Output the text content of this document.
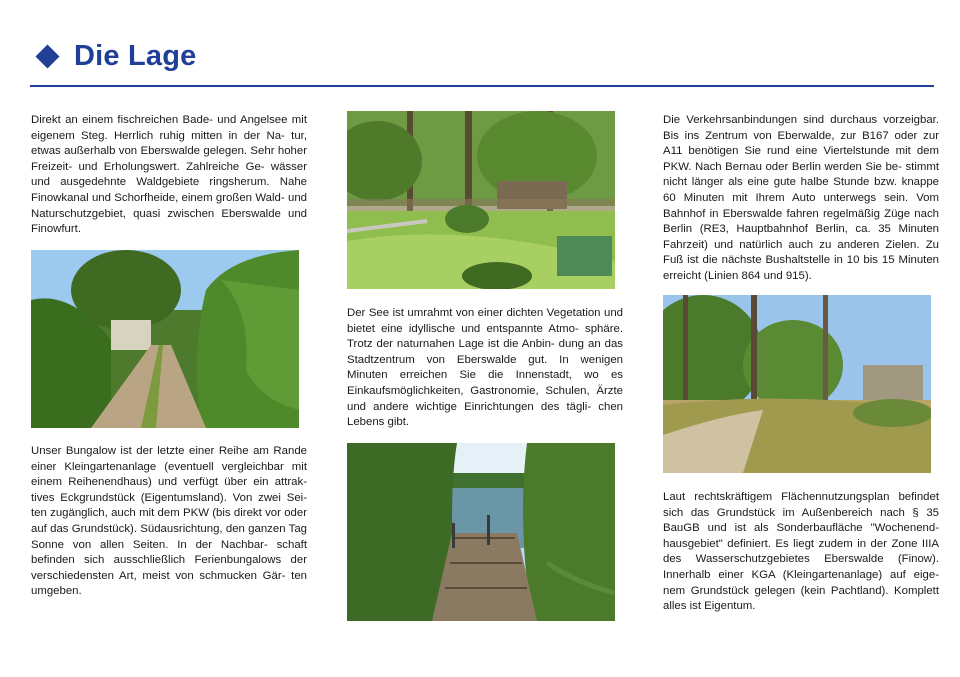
Die Lage

Direkt an einem fischreichen Bade- und Angelsee mit eigenem Steg. Herrlich ruhig mitten in der Na- tur, etwas außerhalb von Eberswalde gelegen. Sehr hoher Freizeit- und Erholungswert. Zahlreiche Ge- wässer und ausgedehnte Waldgebiete ringsherum. Nahe Finowkanal und Schorfheide, einem großen Wald- und Naturschutzgebiet, quasi zwischen Eberswalde und Finowfurt.

Unser Bungalow ist der letzte einer Reihe am Rande einer Kleingartenanlage (eventuell vergleichbar mit einem Reihenendhaus) und verfügt über ein attrak- tives Eckgrundstück (Eigentumsland). Von zwei Sei- ten zugänglich, auch mit dem PKW (bis direkt vor oder auf das Grundstück). Südausrichtung, den ganzen Tag Sonne von allen Seiten. In der Nachbar- schaft befinden sich ausschließlich Ferienbungalows der verschiedensten Art, meist von schmucken Gär- ten umgeben.

Der See ist umrahmt von einer dichten Vegetation und bietet eine idyllische und entspannte Atmo- sphäre. Trotz der naturnahen Lage ist die Anbin- dung an das Stadtzentrum von Eberswalde gut. In wenigen Minuten erreichen Sie die Innenstadt, wo es Einkaufsmöglichkeiten, Gastronomie, Schulen, Ärzte und andere wichtige Einrichtungen des tägli- chen Lebens gibt.

Die Verkehrsanbindungen sind durchaus vorzeigbar. Bis ins Zentrum von Eberwalde, zur B167 oder zur A11 benötigen Sie rund eine Viertelstunde mit dem PKW. Nach Bernau oder Berlin werden Sie be- stimmt nicht länger als eine gute halbe Stunde bzw. knappe 60 Minuten mit Ihrem Auto unterwegs sein. Vom Bahnhof in Eberswalde fahren regelmäßig Züge nach Berlin (RE3, Hauptbahnhof Berlin, ca. 35 Minuten Fahrzeit) und natürlich auch zu anderen Zielen. Zu Fuß ist die nächste Bushaltstelle in 10 bis 15 Minuten erreicht (Linien 864 und 915).

Laut rechtskräftigem Flächennutzungsplan befindet sich das Grundstück im Außenbereich nach § 35 BauGB und ist als Sonderbaufläche "Wochenend- hausgebiet" definiert. Es liegt zudem in der Zone IIIA des Wasserschutzgebietes Eberswalde (Finow). Innerhalb einer KGA (Kleingartenanlage) auf eige- nem Grundstück gelegen (kein Pachtland). Komplett alles ist Eigentum.
